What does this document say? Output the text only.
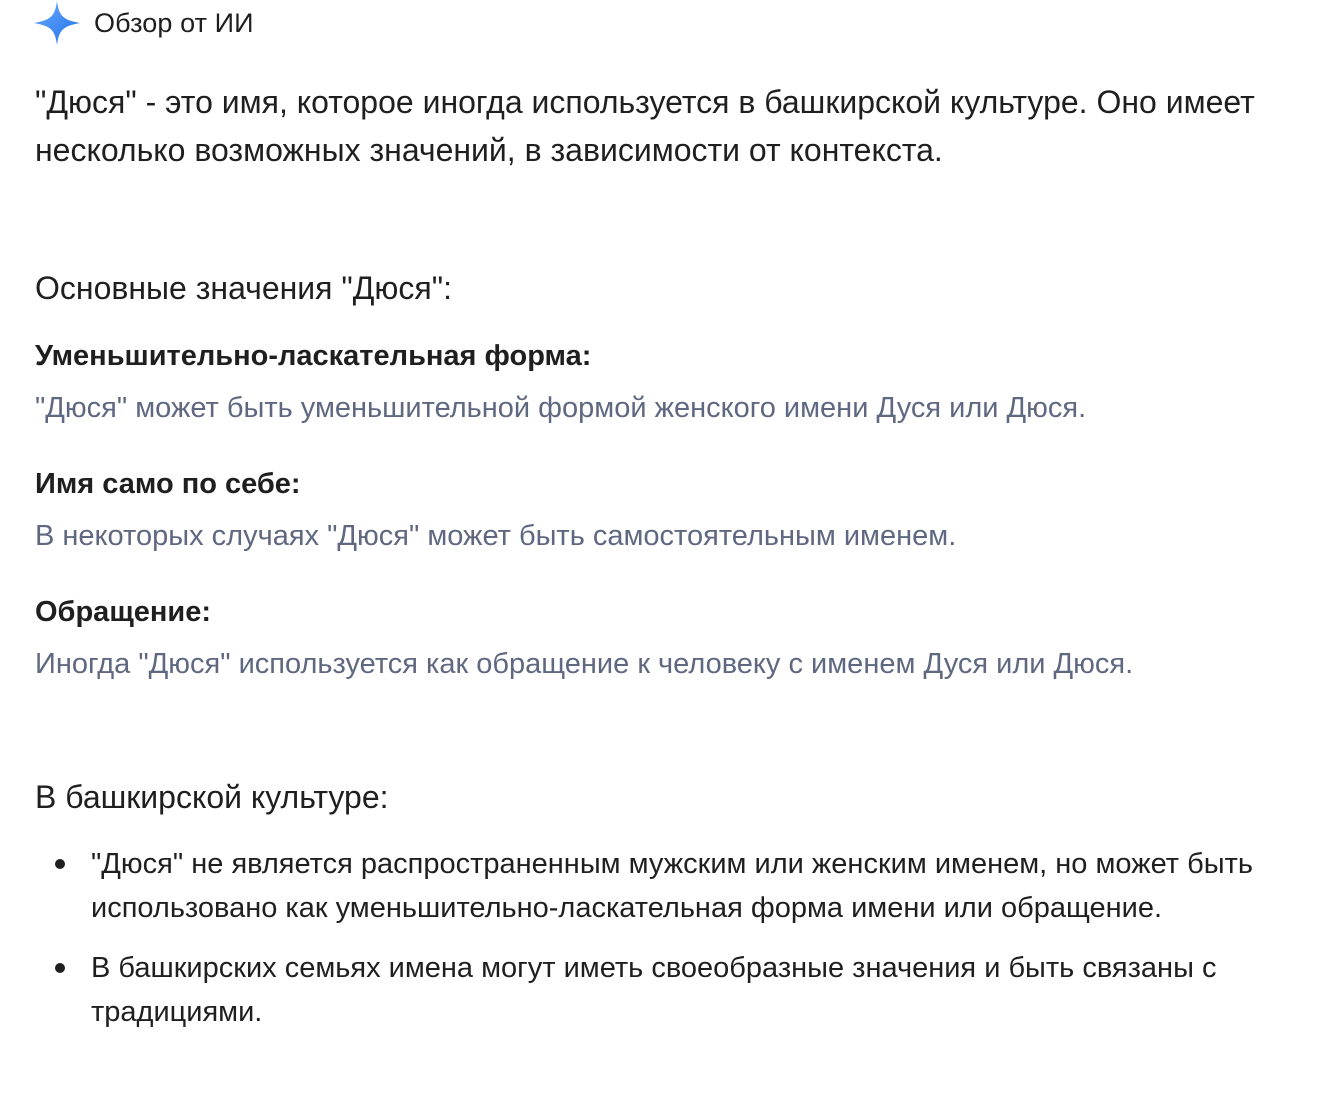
Обзор от ИИ

"Дюся" - это имя, которое иногда используется в башкирской культуре. Оно имеет несколько возможных значений, в зависимости от контекста.

Основные значения "Дюся":

Уменьшительно-ласкательная форма:

"Дюся" может быть уменьшительной формой женского имени Дуся или Дюся.

Имя само по себе:

В некоторых случаях "Дюся" может быть самостоятельным именем.

Обращение:

Иногда "Дюся" используется как обращение к человеку с именем Дуся или Дюся.

В башкирской культуре:
"Дюся" не является распространенным мужским или женским именем, но может быть использовано как уменьшительно-ласкательная форма имени или обращение.
В башкирских семьях имена могут иметь своеобразные значения и быть связаны с традициями.
